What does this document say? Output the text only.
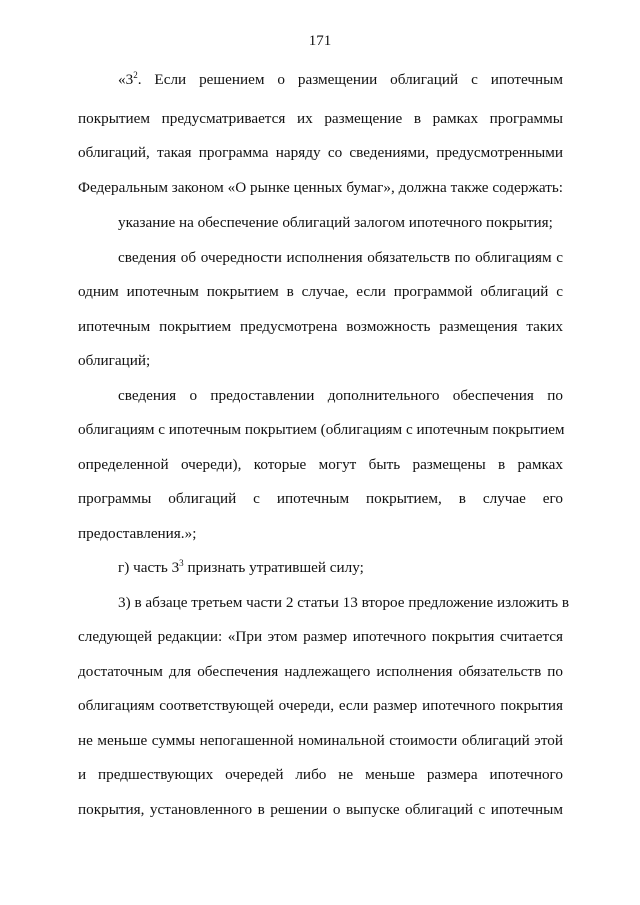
171
«$3^2$. Если решением о размещении облигаций с ипотечным
покрытием предусматривается их размещение в рамках программы
облигаций, такая программа наряду со сведениями, предусмотренными
Федеральным законом «О рынке ценных бумаг», должна также содержать:
указание на обеспечение облигаций залогом ипотечного покрытия;
сведения об очередности исполнения обязательств по облигациям с
одним ипотечным покрытием в случае, если программой облигаций с
ипотечным покрытием предусмотрена возможность размещения таких
облигаций;
сведения о предоставлении дополнительного обеспечения по
облигациям с ипотечным покрытием (облигациям с ипотечным покрытием
определенной очереди), которые могут быть размещены в рамках
программы облигаций с ипотечным покрытием, в случае его
предоставления.»;
г) часть $3^3$ признать утратившей силу;
3) в абзаце третьем части 2 статьи 13 второе предложение изложить в
следующей редакции: «При этом размер ипотечного покрытия считается
достаточным для обеспечения надлежащего исполнения обязательств по
облигациям соответствующей очереди, если размер ипотечного покрытия
не меньше суммы непогашенной номинальной стоимости облигаций этой
и предшествующих очередей либо не меньше размера ипотечного
покрытия, установленного в решении о выпуске облигаций с ипотечным
